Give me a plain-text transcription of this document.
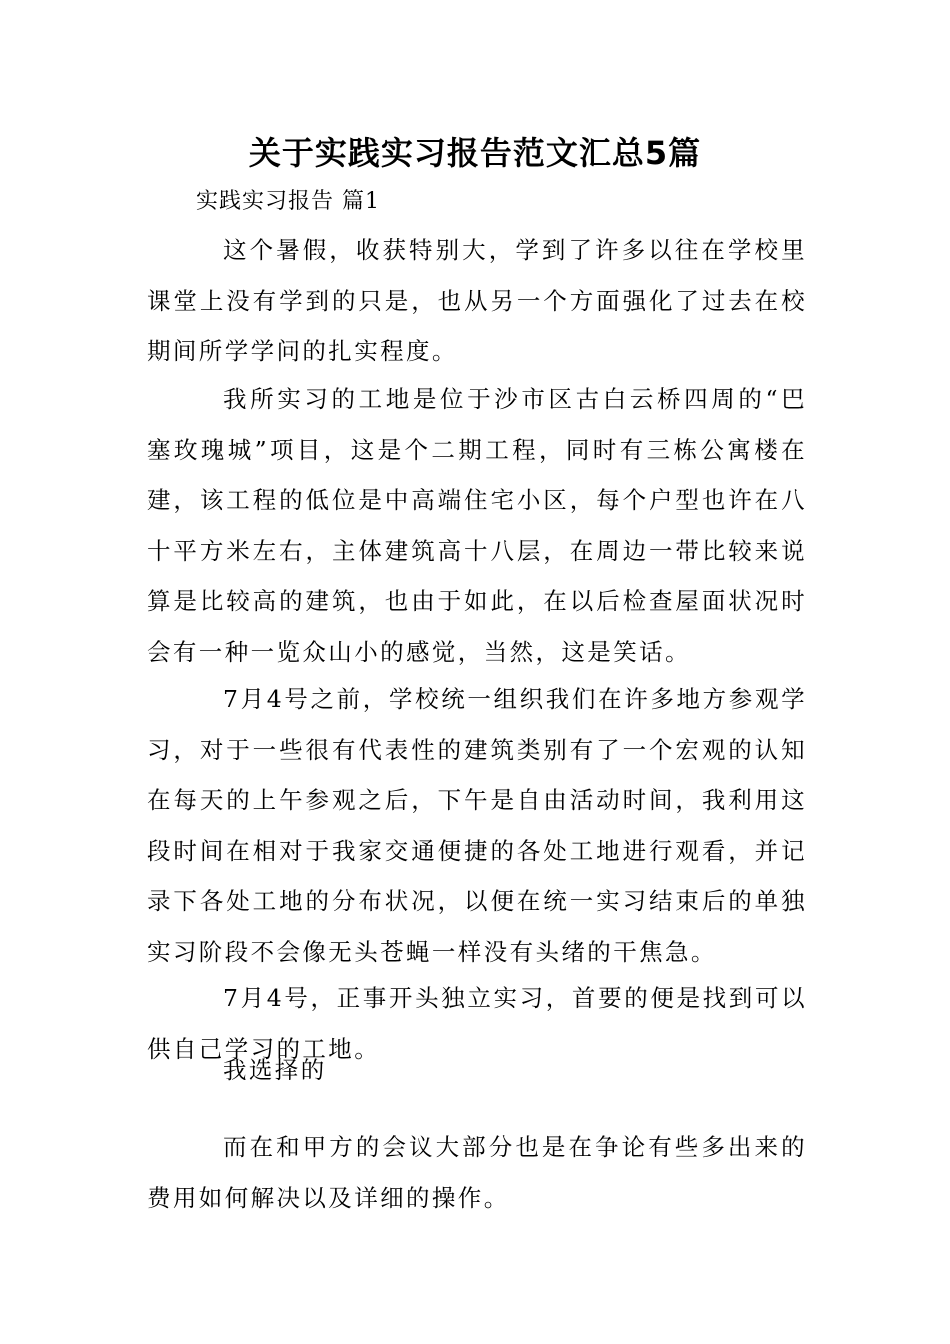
关于实践实习报告范文汇总5篇
实践实习报告 篇1

这个暑假，收获特别大，学到了许多以往在学校里课堂上没有学到的只是，也从另一个方面强化了过去在校期间所学学问的扎实程度。

我所实习的工地是位于沙市区古白云桥四周的“巴塞玫瑰城”项目，这是个二期工程，同时有三栋公寓楼在建，该工程的低位是中高端住宅小区，每个户型也许在八十平方米左右，主体建筑高十八层，在周边一带比较来说算是比较高的建筑，也由于如此，在以后检查屋面状况时会有一种一览众山小的感觉，当然，这是笑话。

7月4号之前，学校统一组织我们在许多地方参观学习，对于一些很有代表性的建筑类别有了一个宏观的认知在每天的上午参观之后，下午是自由活动时间，我利用这段时间在相对于我家交通便捷的各处工地进行观看，并记录下各处工地的分布状况，以便在统一实习结束后的单独实习阶段不会像无头苍蝇一样没有头绪的干焦急。

7月4号，正事开头独立实习，首要的便是找到可以供自己学习的工地。

我选择的

而在和甲方的会议大部分也是在争论有些多出来的费用如何解决以及详细的操作。
